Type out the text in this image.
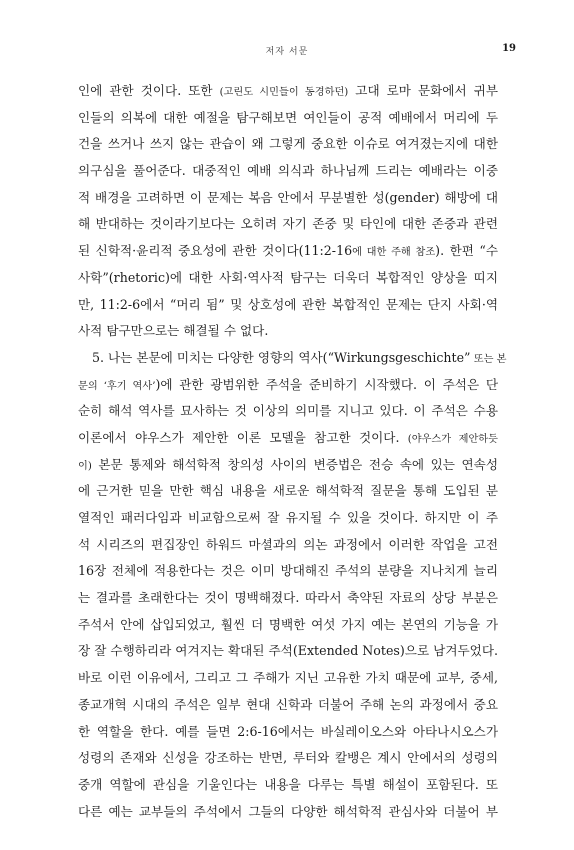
저자 서문	19
인에 관한 것이다. 또한 (고린도 시민들이 동경하던) 고대 로마 문화에서 귀부
인들의 의복에 대한 예절을 탐구해보면 여인들이 공적 예배에서 머리에 두
건을 쓰거나 쓰지 않는 관습이 왜 그렇게 중요한 이슈로 여겨졌는지에 대한
의구심을 풀어준다. 대중적인 예배 의식과 하나님께 드리는 예배라는 이중
적 배경을 고려하면 이 문제는 복음 안에서 무분별한 성(gender) 해방에 대
해 반대하는 것이라기보다는 오히려 자기 존중 및 타인에 대한 존중과 관련
된 신학적·윤리적 중요성에 관한 것이다(11:2-16에 대한 주해 참조). 한편 “수
사학”(rhetoric)에 대한 사회·역사적 탐구는 더욱더 복합적인 양상을 띠지
만, 11:2-6에서 “머리 됨” 및 상호성에 관한 복합적인 문제는 단지 사회·역
사적 탐구만으로는 해결될 수 없다.
5. 나는 본문에 미치는 다양한 영향의 역사(“Wirkungsgeschichte” 또는 본
문의 ‘후기 역사’)에 관한 광범위한 주석을 준비하기 시작했다. 이 주석은 단
순히 해석 역사를 묘사하는 것 이상의 의미를 지니고 있다. 이 주석은 수용
이론에서 야우스가 제안한 이론 모델을 참고한 것이다. (야우스가 제안하듯
이) 본문 통제와 해석학적 창의성 사이의 변증법은 전승 속에 있는 연속성
에 근거한 믿을 만한 핵심 내용을 새로운 해석학적 질문을 통해 도입된 분
열적인 패러다임과 비교함으로써 잘 유지될 수 있을 것이다. 하지만 이 주
석 시리즈의 편집장인 하워드 마셜과의 의논 과정에서 이러한 작업을 고전
16장 전체에 적용한다는 것은 이미 방대해진 주석의 분량을 지나치게 늘리
는 결과를 초래한다는 것이 명백해졌다. 따라서 축약된 자료의 상당 부분은
주석서 안에 삽입되었고, 훨씬 더 명백한 여섯 가지 예는 본연의 기능을 가
장 잘 수행하리라 여겨지는 확대된 주석(Extended Notes)으로 남겨두었다.
바로 이런 이유에서, 그리고 그 주해가 지닌 고유한 가치 때문에 교부, 중세,
종교개혁 시대의 주석은 일부 현대 신학과 더불어 주해 논의 과정에서 중요
한 역할을 한다. 예를 들면 2:6-16에서는 바실레이오스와 아타나시오스가
성령의 존재와 신성을 강조하는 반면, 루터와 칼뱅은 계시 안에서의 성령의
중개 역할에 관심을 기울인다는 내용을 다루는 특별 해설이 포함된다. 또
다른 예는 교부들의 주석에서 그들의 다양한 해석학적 관심사와 더불어 부
